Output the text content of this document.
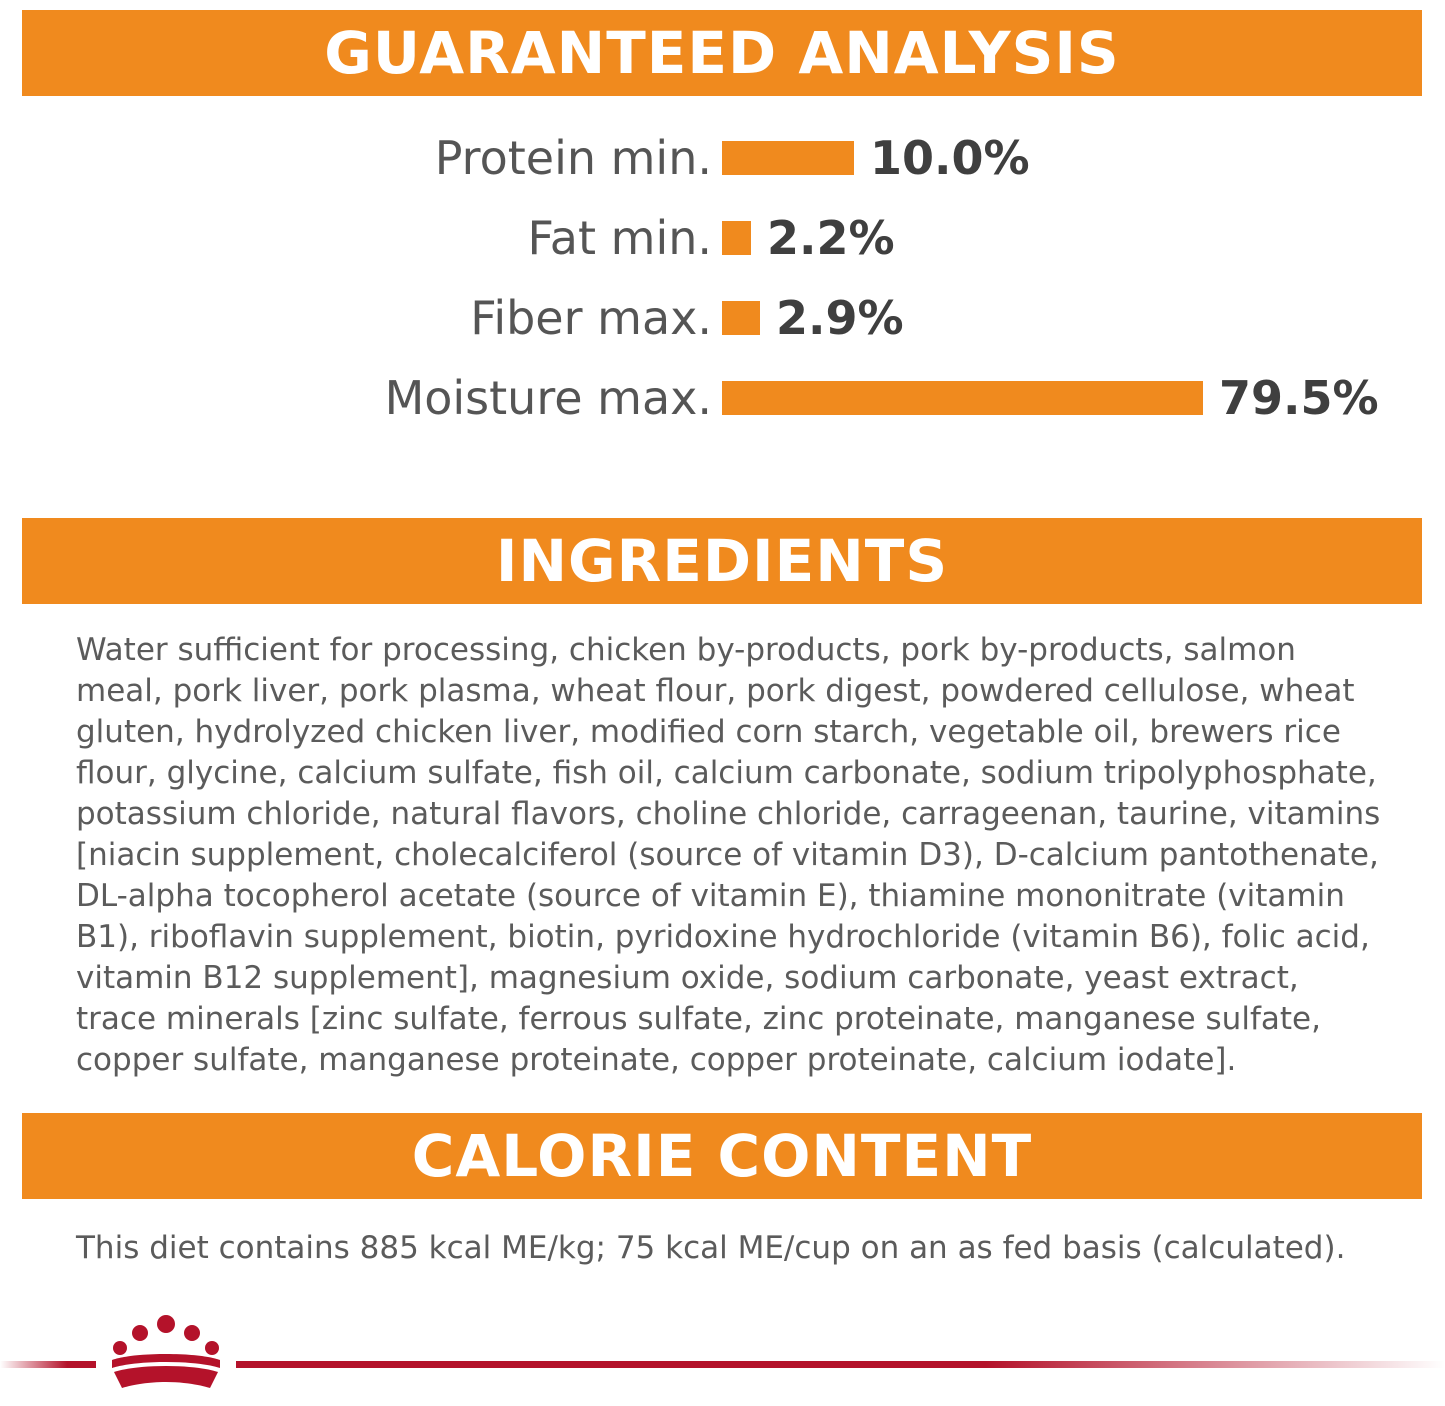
GUARANTEED ANALYSIS
Protein min.	10.0%
Fat min. 2.2%
Fiber max. 2.9%
Moisture max.	79.5%
INGREDIENTS
Water sufficient for processing, chicken by-products, pork by-products, salmon meal, pork liver, pork plasma, wheat flour, pork digest, powdered cellulose, wheat gluten, hydrolyzed chicken liver, modified corn starch, vegetable oil, brewers rice flour, glycine, calcium sulfate, fish oil, calcium carbonate, sodium tripolyphosphate, potassium chloride, natural flavors, choline chloride, carrageenan, taurine, vitamins [niacin supplement, cholecalciferol (source of vitamin D3), D-calcium pantothenate, DL-alpha tocopherol acetate (source of vitamin E), thiamine mononitrate (vitamin B1), riboflavin supplement, biotin, pyridoxine hydrochloride (vitamin B6), folic acid, vitamin B12 supplement], magnesium oxide, sodium carbonate, yeast extract, trace minerals [zinc sulfate, ferrous sulfate, zinc proteinate, manganese sulfate, copper sulfate, manganese proteinate, copper proteinate, calcium iodate].
CALORIE CONTENT
This diet contains 885 kcal ME/kg; 75 kcal ME/cup on an as fed basis (calculated).
